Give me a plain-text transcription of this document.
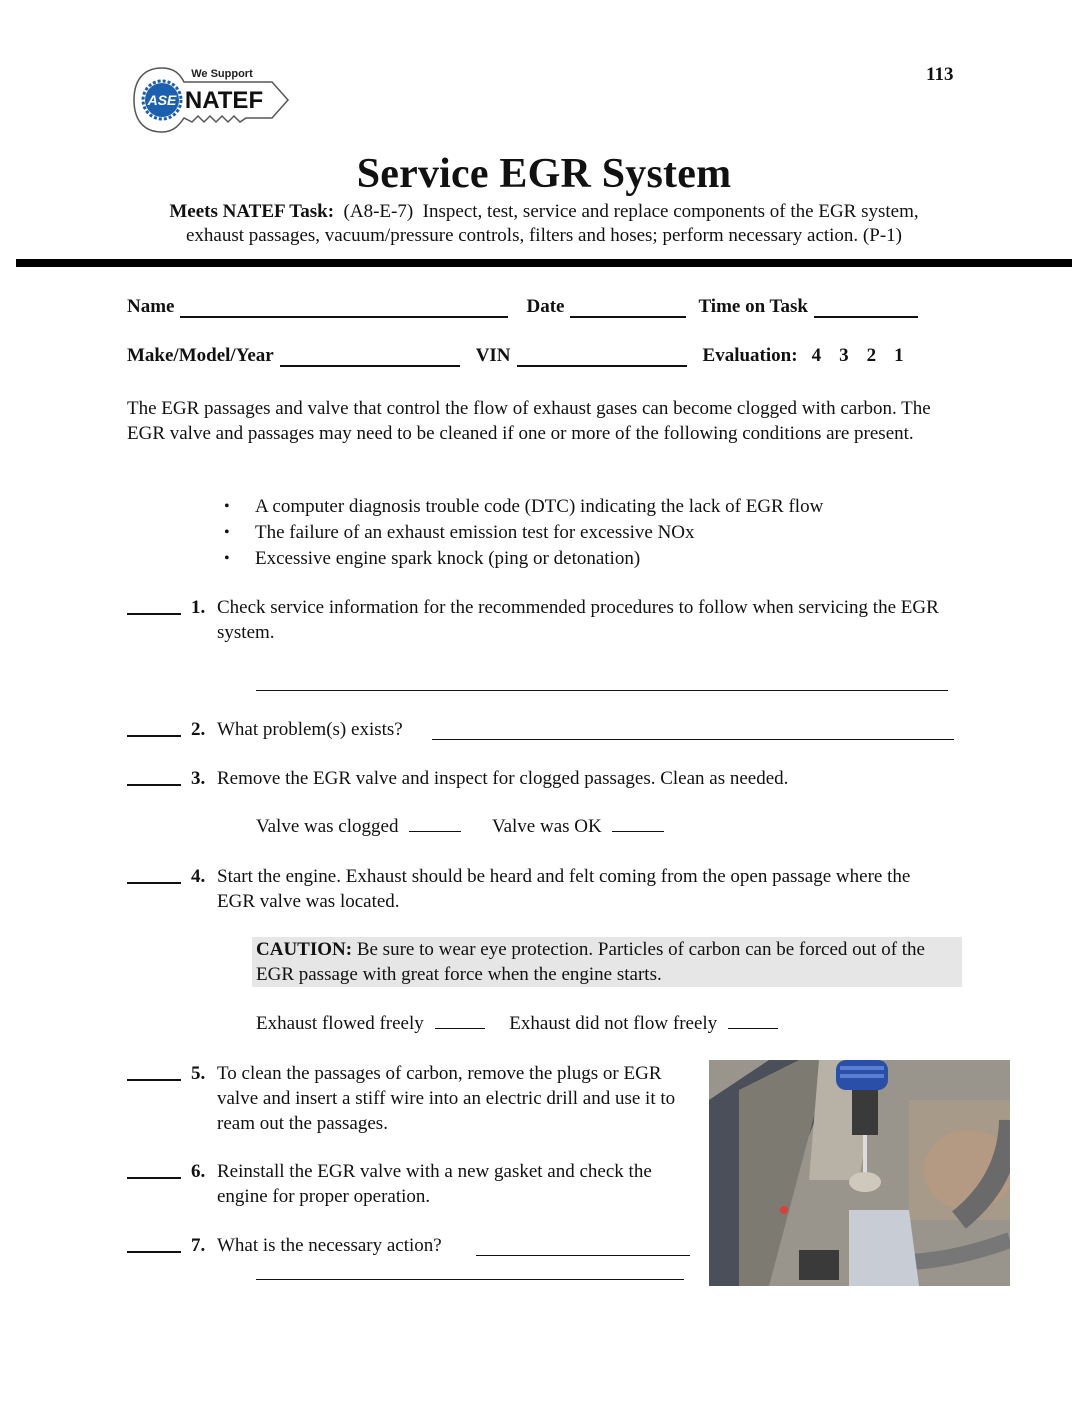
113
ASE
We Support
NATEF
Service EGR System
Meets NATEF Task: (A8-E-7) Inspect, test, service and replace components of the EGR system,
exhaust passages, vacuum/pressure controls, filters and hoses; perform necessary action. (P-1)
Name	Date	Time on Task
Make/Model/Year	VIN	Evaluation: 4 3 2 1
The EGR passages and valve that control the flow of exhaust gases can become clogged with carbon. The EGR valve and passages may need to be cleaned if one or more of the following conditions are present.
• A computer diagnosis trouble code (DTC) indicating the lack of EGR flow
• The failure of an exhaust emission test for excessive NOx
• Excessive engine spark knock (ping or detonation)
1. Check service information for the recommended procedures to follow when servicing the EGR system.
2. What problem(s) exists?
3. Remove the EGR valve and inspect for clogged passages. Clean as needed.
Valve was clogged	Valve was OK
4. Start the engine. Exhaust should be heard and felt coming from the open passage where the EGR valve was located.
CAUTION: Be sure to wear eye protection. Particles of carbon can be forced out of the EGR passage with great force when the engine starts.
Exhaust flowed freely	Exhaust did not flow freely
5. To clean the passages of carbon, remove the plugs or EGR valve and insert a stiff wire into an electric drill and use it to ream out the passages.
6. Reinstall the EGR valve with a new gasket and check the engine for proper operation.
7. What is the necessary action?
